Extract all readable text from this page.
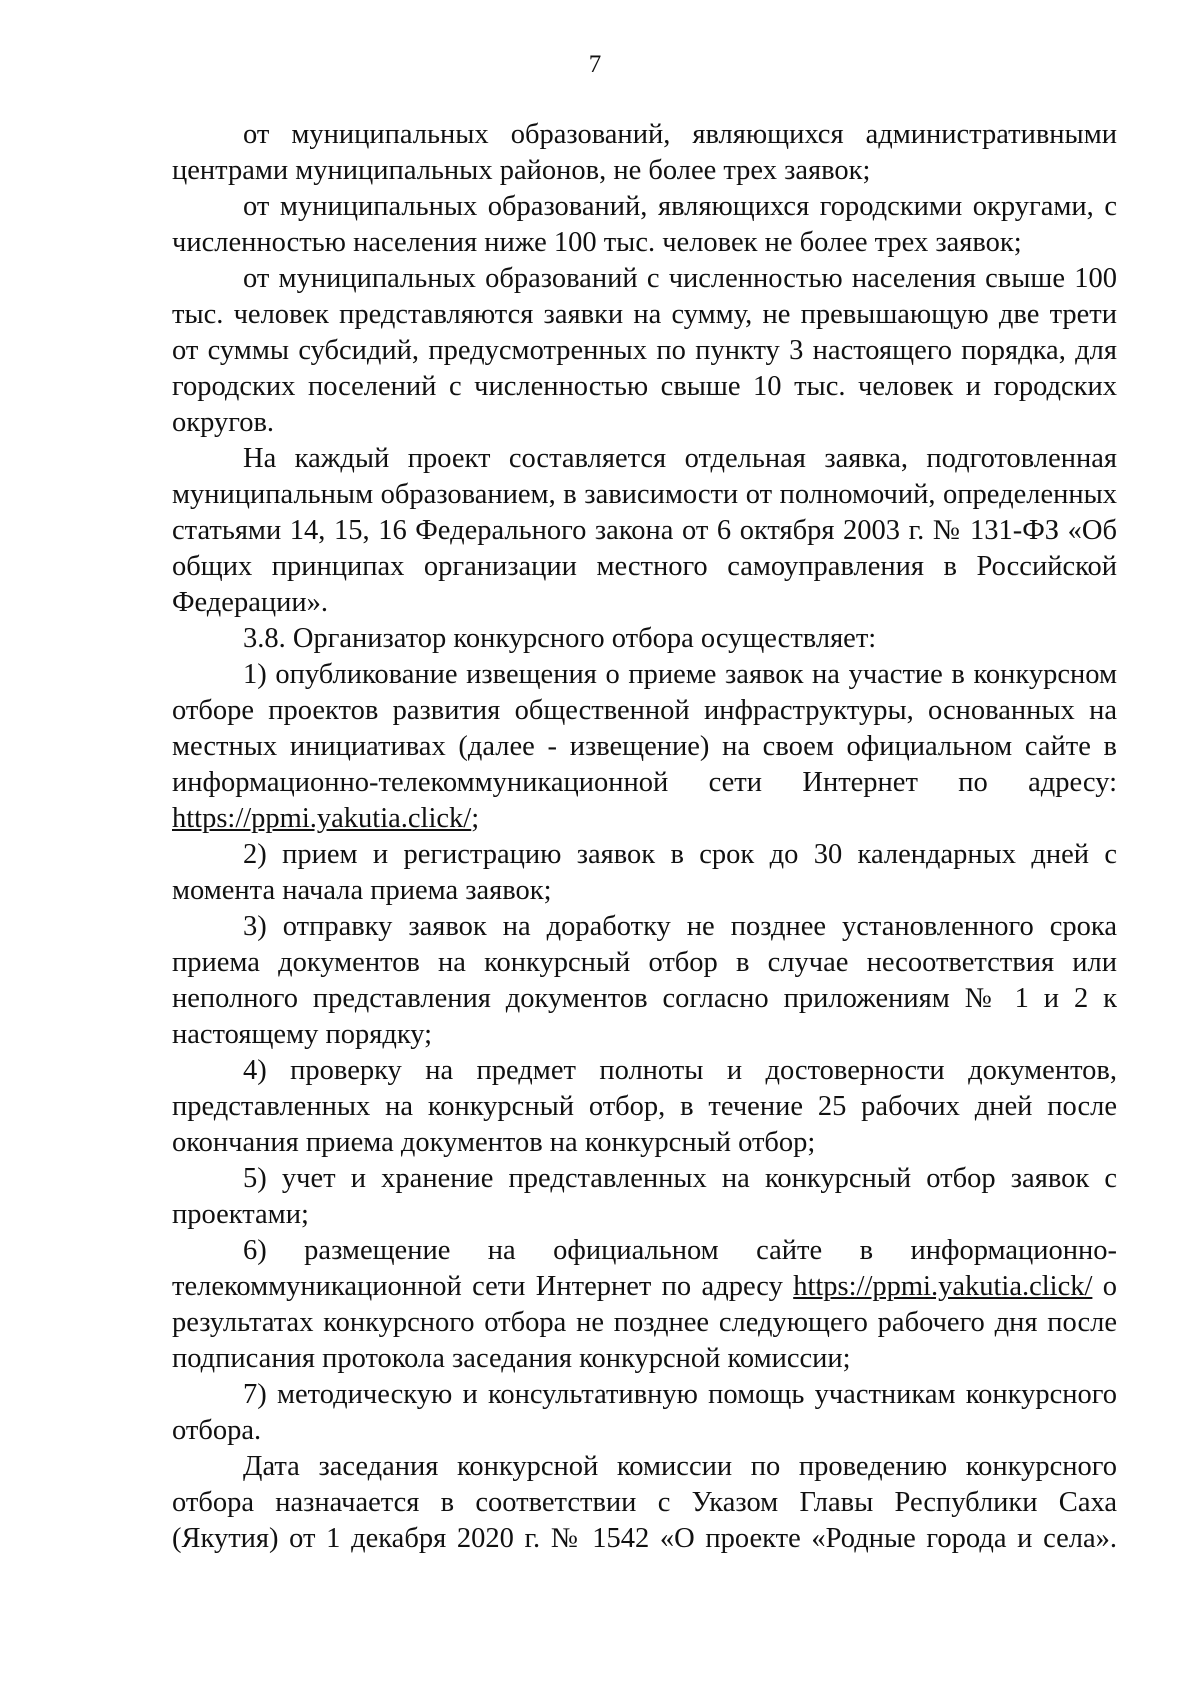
7

от муниципальных образований, являющихся административными центрами муниципальных районов, не более трех заявок;

от муниципальных образований, являющихся городскими округами, с численностью населения ниже 100 тыс. человек не более трех заявок;

от муниципальных образований с численностью населения свыше 100 тыс. человек представляются заявки на сумму, не превышающую две трети от суммы субсидий, предусмотренных по пункту 3 настоящего порядка, для городских поселений с численностью свыше 10 тыс. человек и городских округов.

На каждый проект составляется отдельная заявка, подготовленная муниципальным образованием, в зависимости от полномочий, определенных статьями 14, 15, 16 Федерального закона от 6 октября 2003 г. № 131-ФЗ «Об общих принципах организации местного самоуправления в Российской Федерации».

3.8. Организатор конкурсного отбора осуществляет:

1) опубликование извещения о приеме заявок на участие в конкурсном отборе проектов развития общественной инфраструктуры, основанных на местных инициативах (далее - извещение) на своем официальном сайте в информационно-телекоммуникационной сети Интернет по адресу: https://ppmi.yakutia.click/;

2) прием и регистрацию заявок в срок до 30 календарных дней с момента начала приема заявок;

3) отправку заявок на доработку не позднее установленного срока приема документов на конкурсный отбор в случае несоответствия или неполного представления документов согласно приложениям № 1 и 2 к настоящему порядку;

4) проверку на предмет полноты и достоверности документов, представленных на конкурсный отбор, в течение 25 рабочих дней после окончания приема документов на конкурсный отбор;

5) учет и хранение представленных на конкурсный отбор заявок с проектами;

6) размещение на официальном сайте в информационно-телекоммуникационной сети Интернет по адресу https://ppmi.yakutia.click/ о результатах конкурсного отбора не позднее следующего рабочего дня после подписания протокола заседания конкурсной комиссии;

7) методическую и консультативную помощь участникам конкурсного отбора.

Дата заседания конкурсной комиссии по проведению конкурсного отбора назначается в соответствии с Указом Главы Республики Саха (Якутия) от 1 декабря 2020 г. № 1542 «О проекте «Родные города и села».
